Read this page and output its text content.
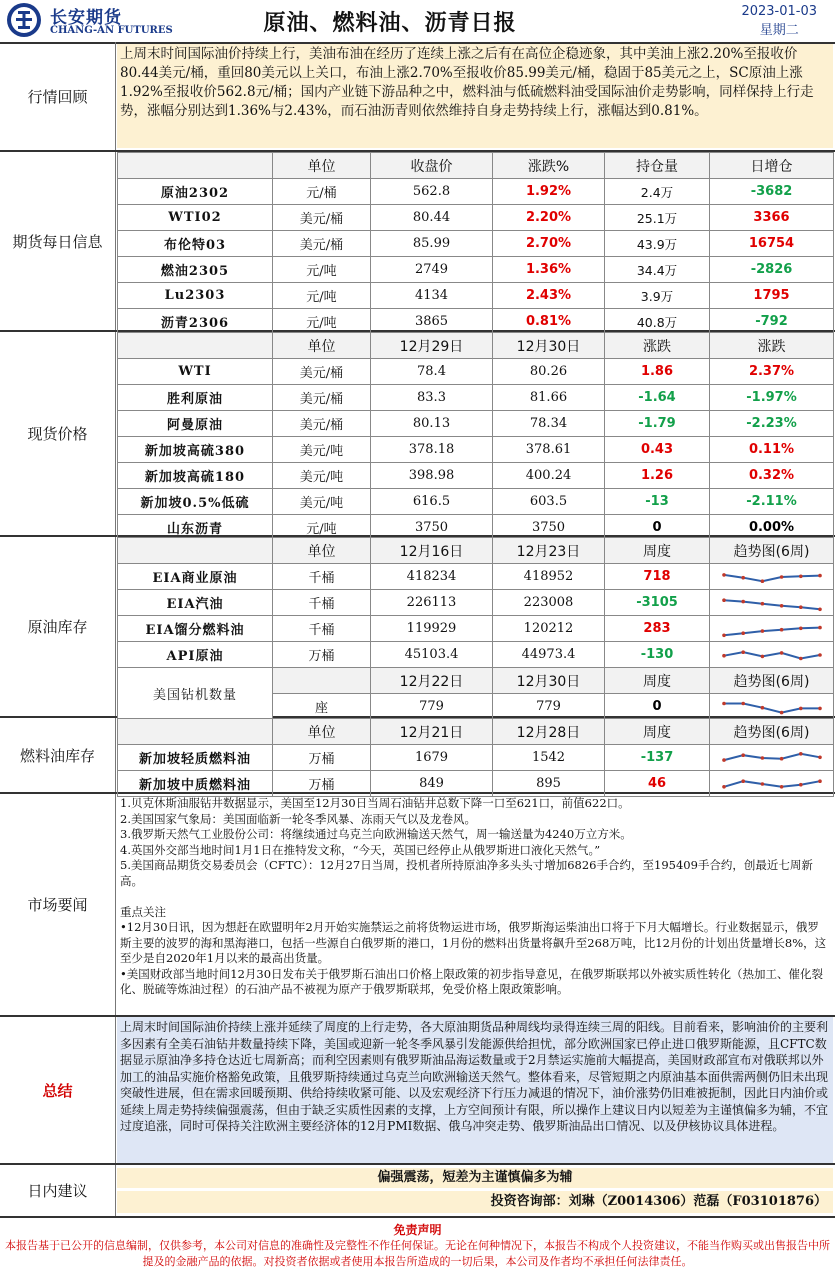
长安期货
CHANG-AN FUTURES	原油、燃料油、沥青日报	2023-01-03
星期二
行情回顾
上周末时间国际油价持续上行，美油布油在经历了连续上涨之后有在高位企稳迹象，其中美油上涨2.20%至报收价80.44美元/桶，重回80美元以上关口，布油上涨2.70%至报收价85.99美元/桶，稳固于85美元之上，SC原油上涨1.92%至报收价562.8元/桶；国内产业链下游品种之中，燃料油与低硫燃料油受国际油价走势影响，同样保持上行走势，涨幅分别达到1.36%与2.43%，而石油沥青则依然维持自身走势持续上行，涨幅达到0.81%。
期货每日信息
	单位	收盘价	涨跌%	持仓量	日增仓
原油2302	元/桶	562.8	1.92%	2.4万	-3682
WTI02	美元/桶	80.44	2.20%	25.1万	3366
布伦特03	美元/桶	85.99	2.70%	43.9万	16754
燃油2305	元/吨	2749	1.36%	34.4万	-2826
Lu2303	元/吨	4134	2.43%	3.9万	1795
沥青2306	元/吨	3865	0.81%	40.8万	-792
现货价格
	单位	12月29日	12月30日	涨跌	涨跌
WTI	美元/桶	78.4	80.26	1.86	2.37%
胜利原油	美元/桶	83.3	81.66	-1.64	-1.97%
阿曼原油	美元/桶	80.13	78.34	-1.79	-2.23%
新加坡高硫380	美元/吨	378.18	378.61	0.43	0.11%
新加坡高硫180	美元/吨	398.98	400.24	1.26	0.32%
新加坡0.5%低硫	美元/吨	616.5	603.5	-13	-2.11%
山东沥青	元/吨	3750	3750	0	0.00%
原油库存
	单位	12月16日	12月23日	周度	趋势图(6周)
EIA商业原油	千桶	418234	418952	718	

EIA汽油	千桶	226113	223008	-3105	

EIA馏分燃料油	千桶	119929	120212	283	

API原油	万桶	45103.4	44973.4	-130	

美国钻机数量		12月22日	12月30日	周度	趋势图(6周)
	座	779	779	0	
燃料油库存
	单位	12月21日	12月28日	周度	趋势图(6周)
新加坡轻质燃料油	万桶	1679	1542	-137	

新加坡中质燃料油	万桶	849	895	46	
市场要闻

1.贝克休斯油服钻井数据显示，美国至12月30日当周石油钻井总数下降一口至621口，前值622口。

2.美国国家气象局：美国面临新一轮冬季风暴、冻雨天气以及龙卷风。

3.俄罗斯天然气工业股份公司：将继续通过乌克兰向欧洲输送天然气，周一输送量为4240万立方米。

4.英国外交部当地时间1月1日在推特发文称，“今天，英国已经停止从俄罗斯进口液化天然气。”

5.美国商品期货交易委员会（CFTC）：12月27日当周，投机者所持原油净多头头寸增加6826手合约，至195409手合约，创最近七周新高。

重点关注

•12月30日讯，因为想赶在欧盟明年2月开始实施禁运之前将货物运进市场，俄罗斯海运柴油出口将于下月大幅增长。行业数据显示，俄罗斯主要的波罗的海和黑海港口，包括一些源自白俄罗斯的港口，1月份的燃料出货量将飙升至268万吨，比12月份的计划出货量增长8%，这至少是自2020年1月以来的最高出货量。

•美国财政部当地时间12月30日发布关于俄罗斯石油出口价格上限政策的初步指导意见，在俄罗斯联邦以外被实质性转化（热加工、催化裂化、脱硫等炼油过程）的石油产品不被视为原产于俄罗斯联邦，免受价格上限政策影响。

总结
上周末时间国际油价持续上涨并延续了周度的上行走势，各大原油期货品种周线均录得连续三周的阳线。目前看来，影响油价的主要利多因素有全美石油钻井数量持续下降，美国或迎新一轮冬季风暴引发能源供给担忧，部分欧洲国家已停止进口俄罗斯能源，且CFTC数据显示原油净多持仓达近七周新高；而利空因素则有俄罗斯油品海运数量或于2月禁运实施前大幅提高，美国财政部宣布对俄联邦以外加工的油品实施价格豁免政策，且俄罗斯持续通过乌克兰向欧洲输送天然气。整体看来，尽管短期之内原油基本面供需两侧仍旧未出现突破性进展，但在需求回暖预期、供给持续收紧可能、以及宏观经济下行压力减退的情况下，油价涨势仍旧难被扼制，因此日内油价或延续上周走势持续偏强震荡，但由于缺乏实质性因素的支撑，上方空间预计有限，所以操作上建议日内以短差为主谨慎偏多为辅，不宜过度追涨，同时可保持关注欧洲主要经济体的12月PMI数据、俄乌冲突走势、俄罗斯油品出口情况、以及伊核协议具体进程。
日内建议
偏强震荡，短差为主谨慎偏多为辅
投资咨询部：刘琳（Z0014306）范磊（F03101876）
免责声明
本报告基于已公开的信息编制，仅供参考，本公司对信息的准确性及完整性不作任何保证。无论在何种情况下，本报告不构成个人投资建议，不能当作购买或出售报告中所提及的金融产品的依据。对投资者依据或者使用本报告所造成的一切后果，本公司及作者均不承担任何法律责任。
